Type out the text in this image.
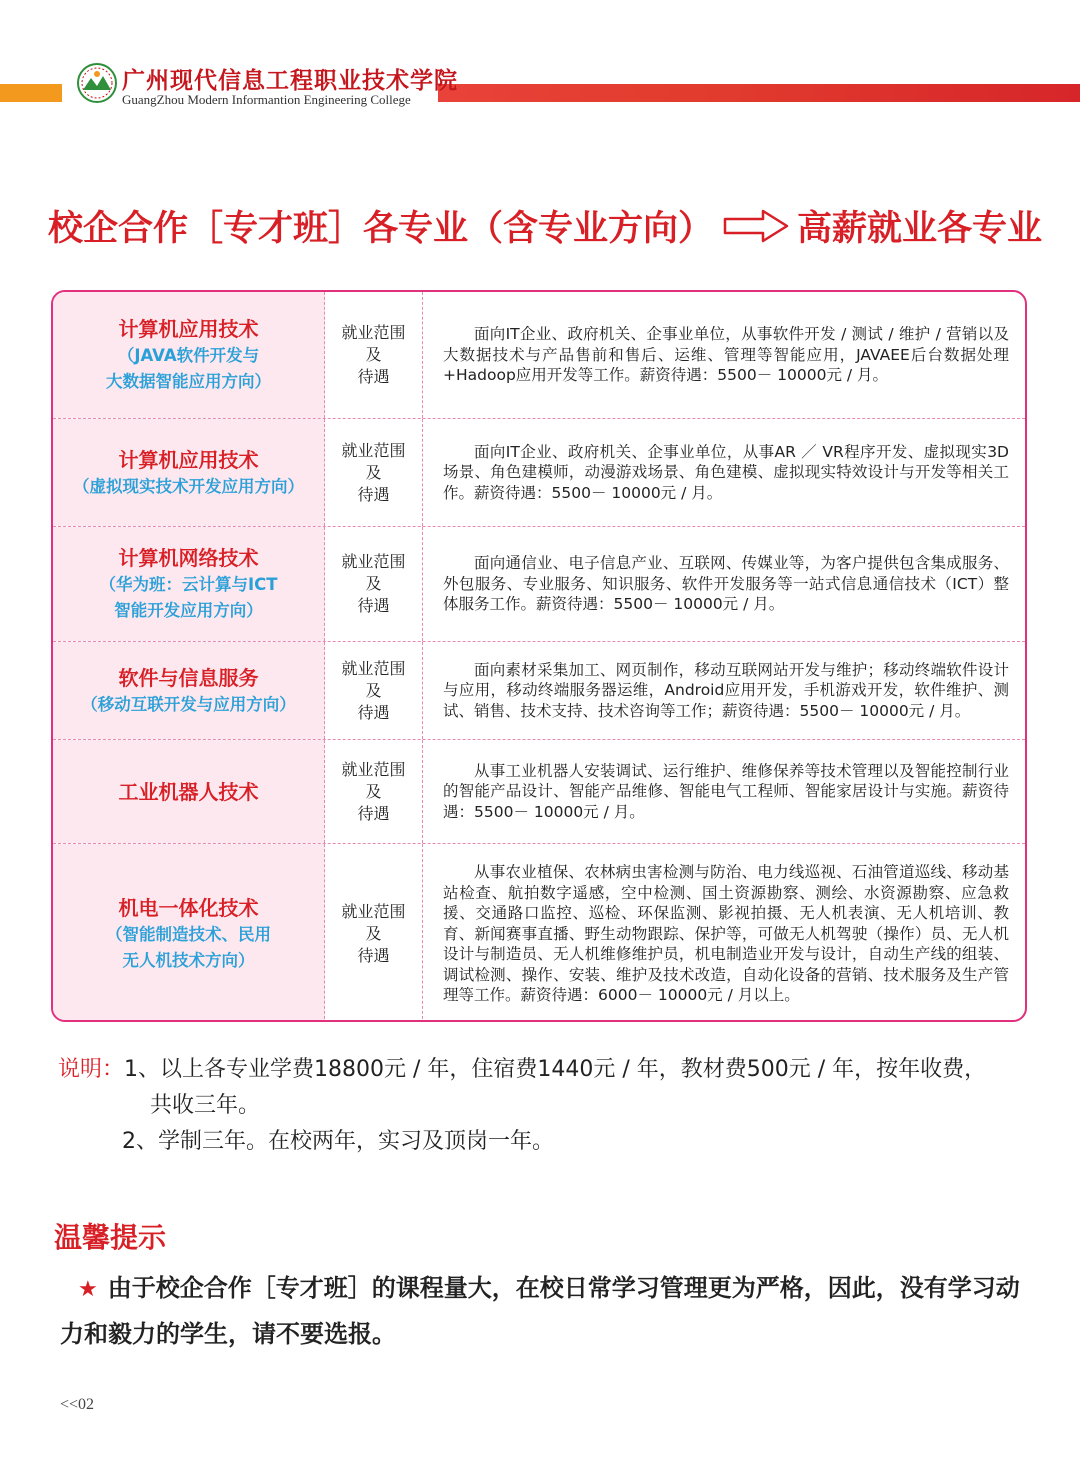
广州现代信息工程职业技术学院
GuangZhou Modern Informantion Engineering College
校企合作［专才班］各专业（含专业方向） 高薪就业各专业
计算机应用技术
（JAVA软件开发与
大数据智能应用方向）
就业范围
及
待遇

面向IT企业、政府机关、企事业单位，从事软件开发 / 测试 / 维护 / 营销以及大数据技术与产品售前和售后、运维、管理等智能应用，JAVAEE后台数据处理+Hadoop应用开发等工作。薪资待遇：5500－ 10000元 / 月。

计算机应用技术
（虚拟现实技术开发应用方向）
就业范围
及
待遇

面向IT企业、政府机关、企事业单位，从事AR ／ VR程序开发、虚拟现实3D场景、角色建模师，动漫游戏场景、角色建模、虚拟现实特效设计与开发等相关工作。薪资待遇：5500－ 10000元 / 月。

计算机网络技术
（华为班：云计算与ICT
智能开发应用方向）
就业范围
及
待遇

面向通信业、电子信息产业、互联网、传媒业等，为客户提供包含集成服务、外包服务、专业服务、知识服务、软件开发服务等一站式信息通信技术（ICT）整体服务工作。薪资待遇：5500－ 10000元 / 月。

软件与信息服务
（移动互联开发与应用方向）
就业范围
及
待遇

面向素材采集加工、网页制作，移动互联网站开发与维护；移动终端软件设计与应用，移动终端服务器运维，Android应用开发，手机游戏开发，软件维护、测试、销售、技术支持、技术咨询等工作；薪资待遇：5500－ 10000元 / 月。

工业机器人技术
就业范围
及
待遇

从事工业机器人安装调试、运行维护、维修保养等技术管理以及智能控制行业的智能产品设计、智能产品维修、智能电气工程师、智能家居设计与实施。薪资待遇：5500－ 10000元 / 月。

机电一体化技术
（智能制造技术、民用
无人机技术方向）
就业范围
及
待遇

从事农业植保、农林病虫害检测与防治、电力线巡视、石油管道巡线、移动基站检查、航拍数字遥感，空中检测、国土资源勘察、测绘、水资源勘察、应急救援、交通路口监控、巡检、环保监测、影视拍摄、无人机表演、无人机培训、教育、新闻赛事直播、野生动物跟踪、保护等，可做无人机驾驶（操作）员、无人机设计与制造员、无人机维修维护员，机电制造业开发与设计，自动生产线的组装、调试检测、操作、安装、维护及技术改造，自动化设备的营销、技术服务及生产管理等工作。薪资待遇：6000－ 10000元 / 月以上。

说明：1、以上各专业学费18800元 / 年，住宿费1440元 / 年，教材费500元 / 年，按年收费，
共收三年。
2、学制三年。在校两年，实习及顶岗一年。
温馨提示
★ 由于校企合作［专才班］的课程量大，在校日常学习管理更为严格，因此，没有学习动力和毅力的学生，请不要选报。
<<02
